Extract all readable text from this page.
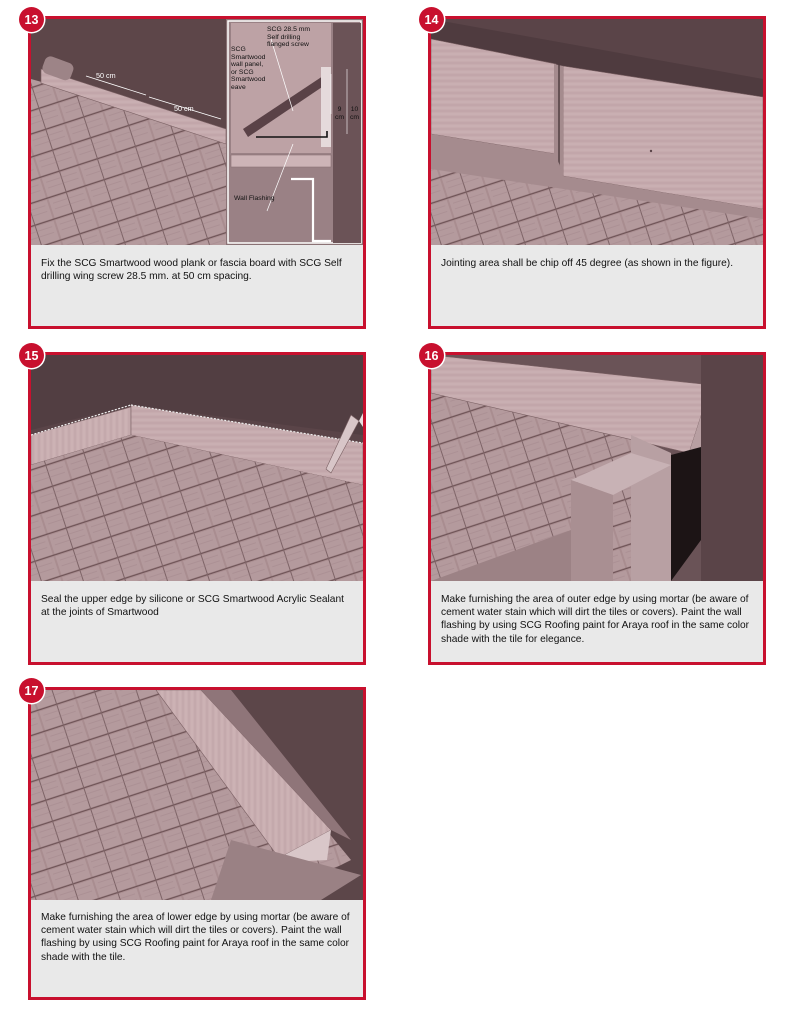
13
50 cm
50 cm
SCG 28.5 mm
Self drilling
flanged screw
SCG
Smartwood
wall panel,
or SCG
Smartwood
eave
9
cm
10
cm
Wall Flashing
Fix the SCG Smartwood wood plank or fascia board with SCG Self drilling wing screw 28.5 mm. at 50 cm spacing.
14
Jointing area shall be chip off 45 degree (as shown in the figure).
15
Seal the upper edge by silicone or SCG Smartwood Acrylic Sealant at the joints of Smartwood
16
Make furnishing the area of outer edge by using mortar (be aware of cement water stain which will dirt the tiles or covers). Paint the wall flashing by using SCG Roofing paint for Araya roof in the same color shade with the tile for elegance.
17
Make furnishing the area of lower edge by using mortar (be aware of cement water stain which will dirt the tiles or covers). Paint the wall flashing by using SCG Roofing paint for Araya roof in the same color shade with the tile.
